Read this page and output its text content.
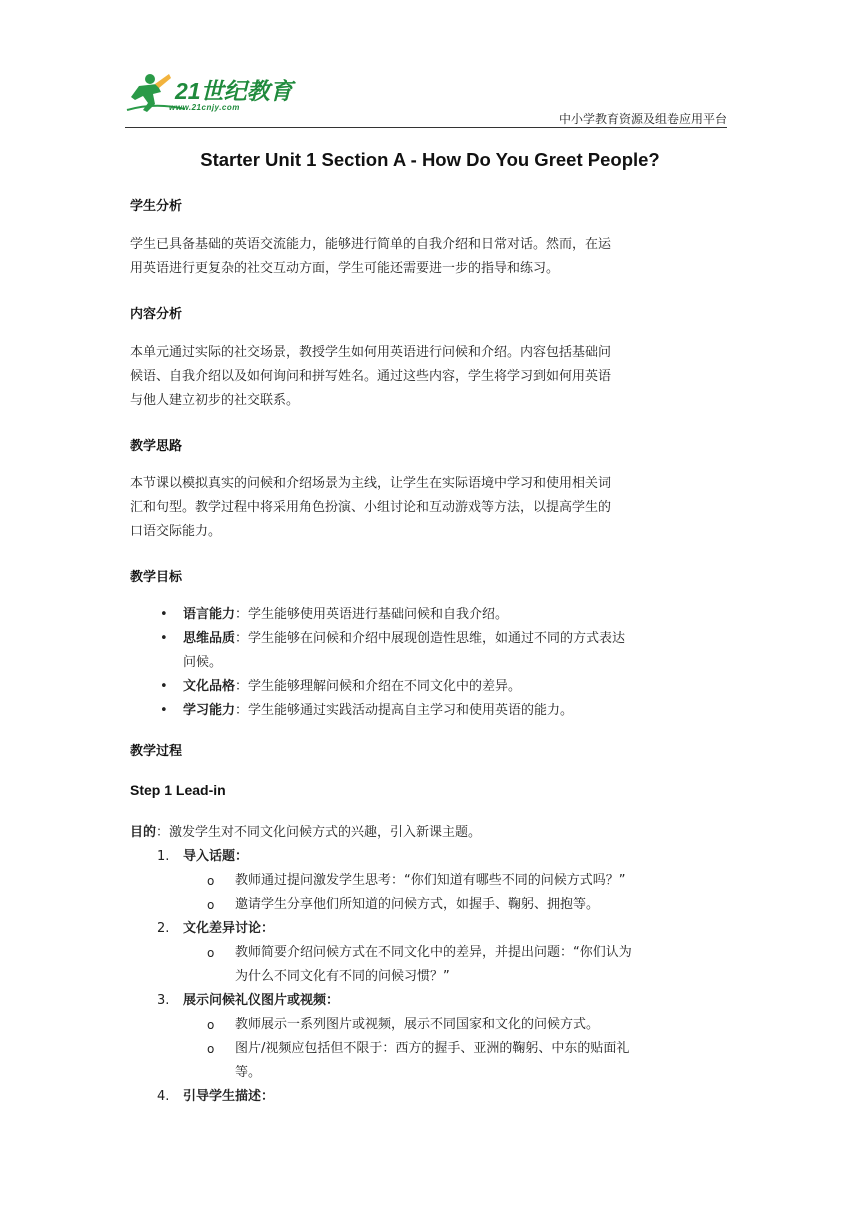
21世纪教育
www.21cnjy.com
中小学教育资源及组卷应用平台
Starter Unit 1 Section A - How Do You Greet People?
学生分析
学生已具备基础的英语交流能力，能够进行简单的自我介绍和日常对话。然而，在运
用英语进行更复杂的社交互动方面，学生可能还需要进一步的指导和练习。
内容分析
本单元通过实际的社交场景，教授学生如何用英语进行问候和介绍。内容包括基础问
候语、自我介绍以及如何询问和拼写姓名。通过这些内容，学生将学习到如何用英语
与他人建立初步的社交联系。
教学思路
本节课以模拟真实的问候和介绍场景为主线，让学生在实际语境中学习和使用相关词
汇和句型。教学过程中将采用角色扮演、小组讨论和互动游戏等方法，以提高学生的
口语交际能力。
教学目标
• 语言能力：学生能够使用英语进行基础问候和自我介绍。
• 思维品质：学生能够在问候和介绍中展现创造性思维，如通过不同的方式表达
问候。
• 文化品格：学生能够理解问候和介绍在不同文化中的差异。
• 学习能力：学生能够通过实践活动提高自主学习和使用英语的能力。
教学过程
Step 1 Lead-in
目的：激发学生对不同文化问候方式的兴趣，引入新课主题。
1. 导入话题：
o 教师通过提问激发学生思考：“你们知道有哪些不同的问候方式吗？”
o 邀请学生分享他们所知道的问候方式，如握手、鞠躬、拥抱等。
2. 文化差异讨论：
o 教师简要介绍问候方式在不同文化中的差异，并提出问题：“你们认为
为什么不同文化有不同的问候习惯？”
3. 展示问候礼仪图片或视频：
o 教师展示一系列图片或视频，展示不同国家和文化的问候方式。
o 图片/视频应包括但不限于：西方的握手、亚洲的鞠躬、中东的贴面礼
等。
4. 引导学生描述：
